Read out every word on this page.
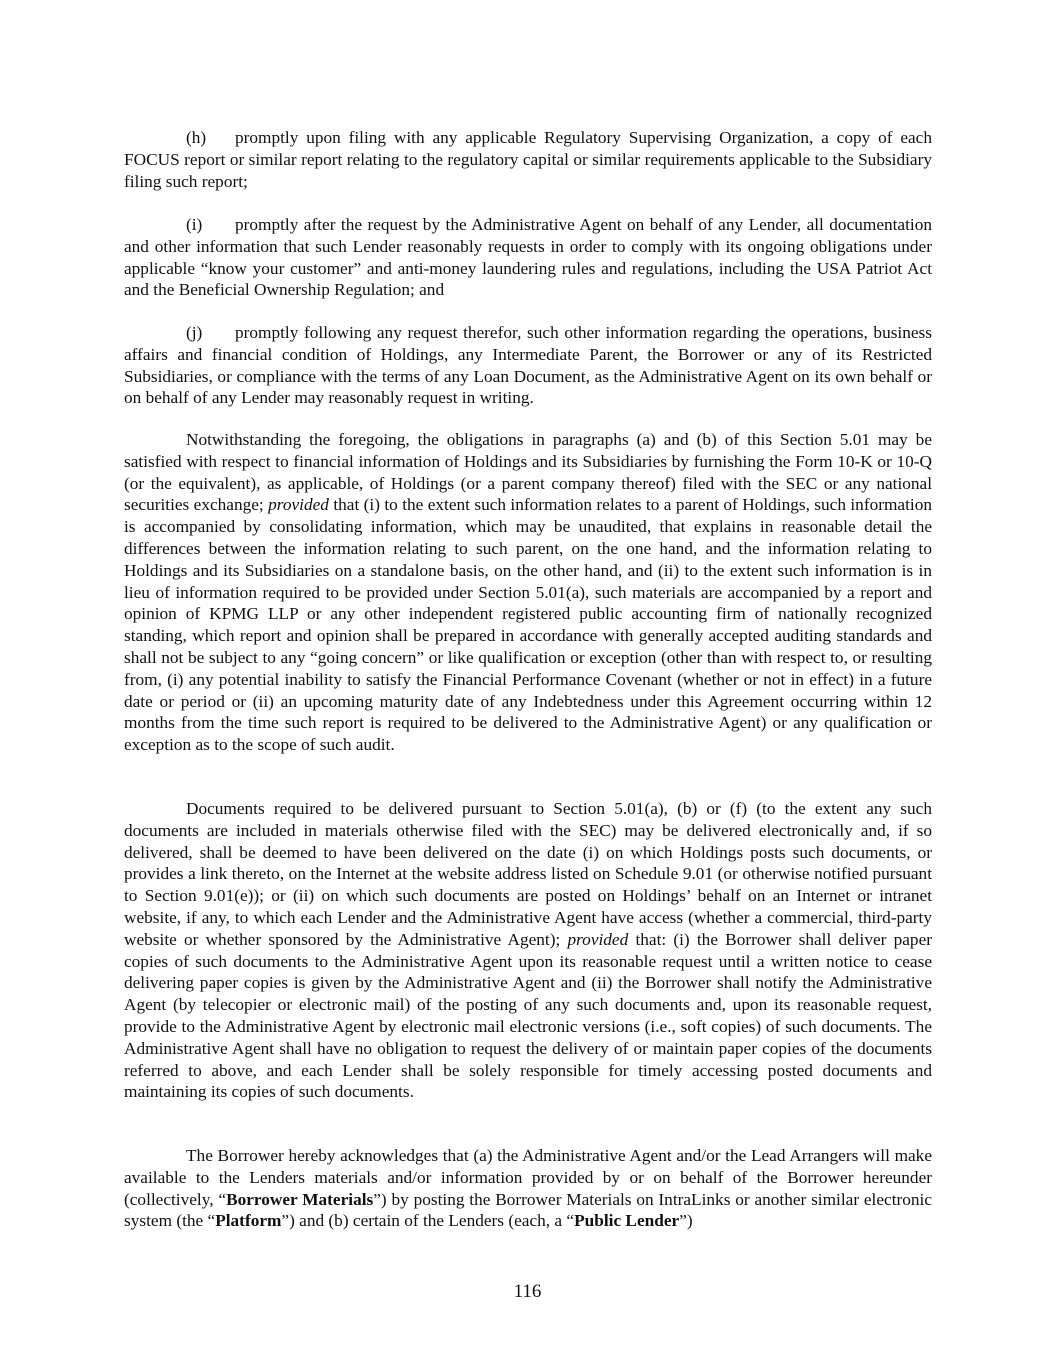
(h) promptly upon filing with any applicable Regulatory Supervising Organization, a copy of each FOCUS report or similar report relating to the regulatory capital or similar requirements applicable to the Subsidiary filing such report;

(i) promptly after the request by the Administrative Agent on behalf of any Lender, all documentation and other information that such Lender reasonably requests in order to comply with its ongoing obligations under applicable “know your customer” and anti-money laundering rules and regulations, including the USA Patriot Act and the Beneficial Ownership Regulation; and

(j) promptly following any request therefor, such other information regarding the operations, business affairs and financial condition of Holdings, any Intermediate Parent, the Borrower or any of its Restricted Subsidiaries, or compliance with the terms of any Loan Document, as the Administrative Agent on its own behalf or on behalf of any Lender may reasonably request in writing.

Notwithstanding the foregoing, the obligations in paragraphs (a) and (b) of this Section 5.01 may be satisfied with respect to financial information of Holdings and its Subsidiaries by furnishing the Form 10-K or 10-Q (or the equivalent), as applicable, of Holdings (or a parent company thereof) filed with the SEC or any national securities exchange; provided that (i) to the extent such information relates to a parent of Holdings, such information is accompanied by consolidating information, which may be unaudited, that explains in reasonable detail the differences between the information relating to such parent, on the one hand, and the information relating to Holdings and its Subsidiaries on a standalone basis, on the other hand, and (ii) to the extent such information is in lieu of information required to be provided under Section 5.01(a), such materials are accompanied by a report and opinion of KPMG LLP or any other independent registered public accounting firm of nationally recognized standing, which report and opinion shall be prepared in accordance with generally accepted auditing standards and shall not be subject to any “going concern” or like qualification or exception (other than with respect to, or resulting from, (i) any potential inability to satisfy the Financial Performance Covenant (whether or not in effect) in a future date or period or (ii) an upcoming maturity date of any Indebtedness under this Agreement occurring within 12 months from the time such report is required to be delivered to the Administrative Agent) or any qualification or exception as to the scope of such audit.

Documents required to be delivered pursuant to Section 5.01(a), (b) or (f) (to the extent any such documents are included in materials otherwise filed with the SEC) may be delivered electronically and, if so delivered, shall be deemed to have been delivered on the date (i) on which Holdings posts such documents, or provides a link thereto, on the Internet at the website address listed on Schedule 9.01 (or otherwise notified pursuant to Section 9.01(e)); or (ii) on which such documents are posted on Holdings’ behalf on an Internet or intranet website, if any, to which each Lender and the Administrative Agent have access (whether a commercial, third-party website or whether sponsored by the Administrative Agent); provided that: (i) the Borrower shall deliver paper copies of such documents to the Administrative Agent upon its reasonable request until a written notice to cease delivering paper copies is given by the Administrative Agent and (ii) the Borrower shall notify the Administrative Agent (by telecopier or electronic mail) of the posting of any such documents and, upon its reasonable request, provide to the Administrative Agent by electronic mail electronic versions (i.e., soft copies) of such documents. The Administrative Agent shall have no obligation to request the delivery of or maintain paper copies of the documents referred to above, and each Lender shall be solely responsible for timely accessing posted documents and maintaining its copies of such documents.

The Borrower hereby acknowledges that (a) the Administrative Agent and/or the Lead Arrangers will make available to the Lenders materials and/or information provided by or on behalf of the Borrower hereunder (collectively, “Borrower Materials”) by posting the Borrower Materials on IntraLinks or another similar electronic system (the “Platform”) and (b) certain of the Lenders (each, a “Public Lender”)

116
